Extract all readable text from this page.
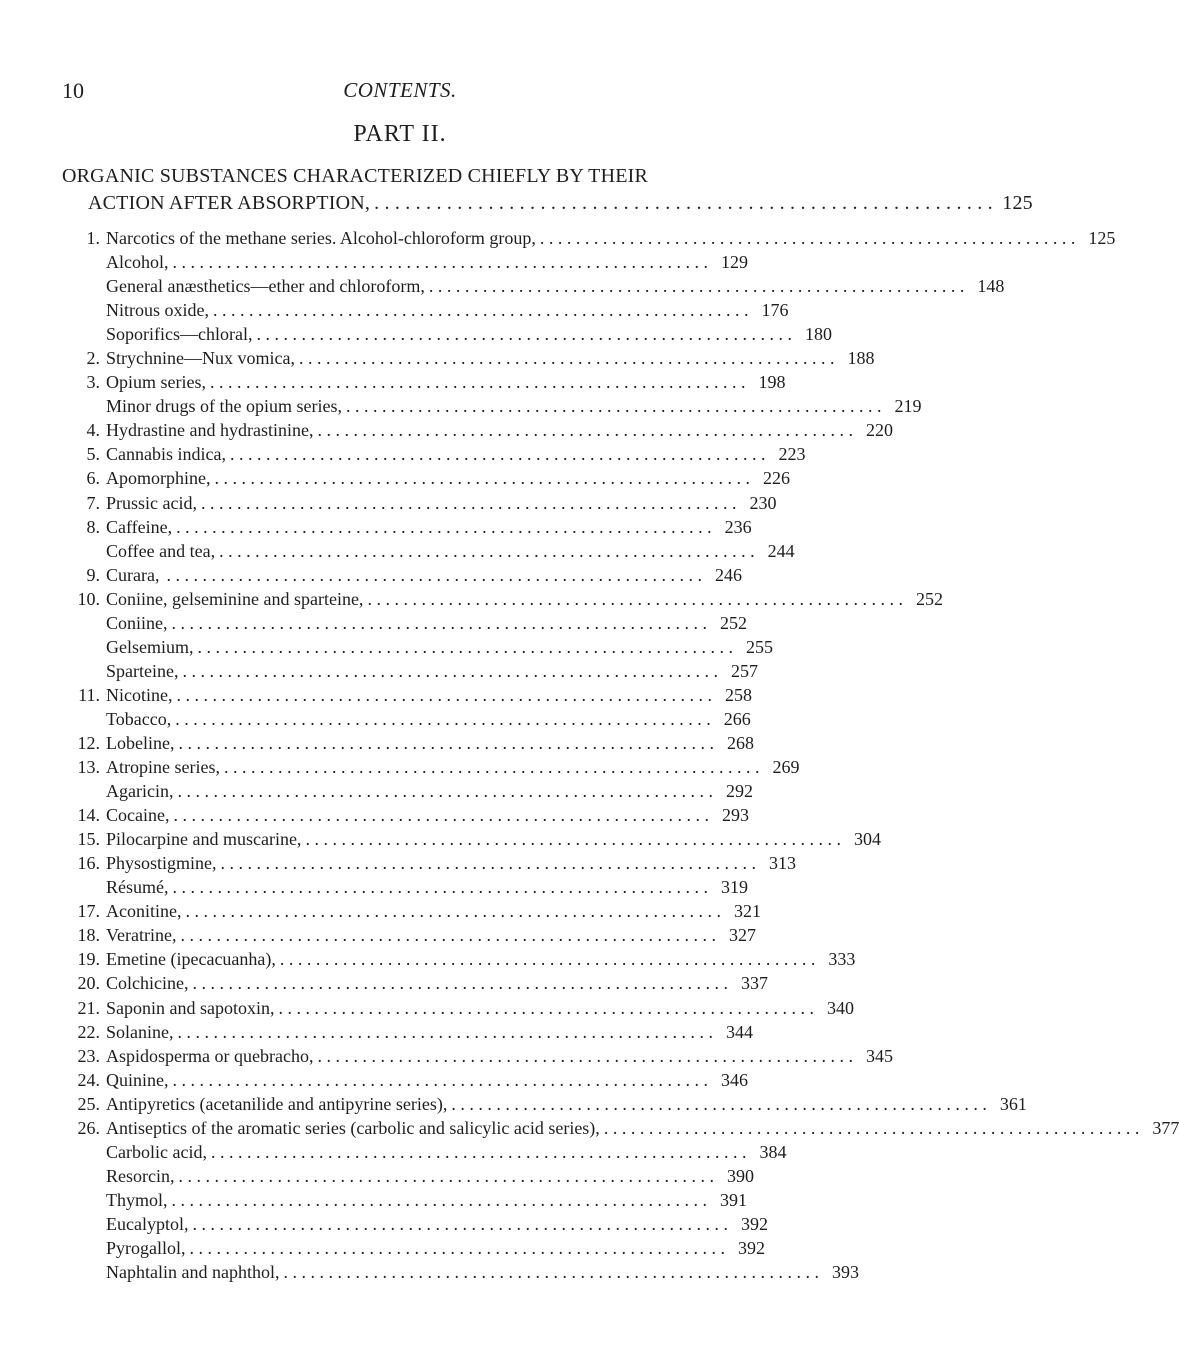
10	CONTENTS.
PART II.
ORGANIC SUBSTANCES CHARACTERIZED CHIEFLY BY THEIR
ACTION AFTER ABSORPTION, . . . . . . . . . . . . . . . . . . . . . . . . . . . . . . . . . . . . . . . . . . . . . . . . . . . . . . . . . . . . 125
1. Narcotics of the methane series. Alcohol-chloroform group, . . . . . . . . . . . . . . . . . . . . . . . . . . . . . . . . . . . . . . . . . . . . . . . . . . . . . . . . . . . . 125
Alcohol, . . . . . . . . . . . . . . . . . . . . . . . . . . . . . . . . . . . . . . . . . . . . . . . . . . . . . . . . . . . . 129
General anæsthetics—ether and chloroform, . . . . . . . . . . . . . . . . . . . . . . . . . . . . . . . . . . . . . . . . . . . . . . . . . . . . . . . . . . . . 148
Nitrous oxide, . . . . . . . . . . . . . . . . . . . . . . . . . . . . . . . . . . . . . . . . . . . . . . . . . . . . . . . . . . . . 176
Soporifics—chloral, . . . . . . . . . . . . . . . . . . . . . . . . . . . . . . . . . . . . . . . . . . . . . . . . . . . . . . . . . . . . 180
2. Strychnine—Nux vomica, . . . . . . . . . . . . . . . . . . . . . . . . . . . . . . . . . . . . . . . . . . . . . . . . . . . . . . . . . . . . 188
3. Opium series, . . . . . . . . . . . . . . . . . . . . . . . . . . . . . . . . . . . . . . . . . . . . . . . . . . . . . . . . . . . . 198
Minor drugs of the opium series, . . . . . . . . . . . . . . . . . . . . . . . . . . . . . . . . . . . . . . . . . . . . . . . . . . . . . . . . . . . . 219
4. Hydrastine and hydrastinine, . . . . . . . . . . . . . . . . . . . . . . . . . . . . . . . . . . . . . . . . . . . . . . . . . . . . . . . . . . . . 220
5. Cannabis indica, . . . . . . . . . . . . . . . . . . . . . . . . . . . . . . . . . . . . . . . . . . . . . . . . . . . . . . . . . . . . 223
6. Apomorphine, . . . . . . . . . . . . . . . . . . . . . . . . . . . . . . . . . . . . . . . . . . . . . . . . . . . . . . . . . . . . 226
7. Prussic acid, . . . . . . . . . . . . . . . . . . . . . . . . . . . . . . . . . . . . . . . . . . . . . . . . . . . . . . . . . . . . 230
8. Caffeine, . . . . . . . . . . . . . . . . . . . . . . . . . . . . . . . . . . . . . . . . . . . . . . . . . . . . . . . . . . . . 236
Coffee and tea, . . . . . . . . . . . . . . . . . . . . . . . . . . . . . . . . . . . . . . . . . . . . . . . . . . . . . . . . . . . . 244
9. Curara, . . . . . . . . . . . . . . . . . . . . . . . . . . . . . . . . . . . . . . . . . . . . . . . . . . . . . . . . . . . . 246
10. Coniine, gelseminine and sparteine, . . . . . . . . . . . . . . . . . . . . . . . . . . . . . . . . . . . . . . . . . . . . . . . . . . . . . . . . . . . . 252
Coniine, . . . . . . . . . . . . . . . . . . . . . . . . . . . . . . . . . . . . . . . . . . . . . . . . . . . . . . . . . . . . 252
Gelsemium, . . . . . . . . . . . . . . . . . . . . . . . . . . . . . . . . . . . . . . . . . . . . . . . . . . . . . . . . . . . . 255
Sparteine, . . . . . . . . . . . . . . . . . . . . . . . . . . . . . . . . . . . . . . . . . . . . . . . . . . . . . . . . . . . . 257
11. Nicotine, . . . . . . . . . . . . . . . . . . . . . . . . . . . . . . . . . . . . . . . . . . . . . . . . . . . . . . . . . . . . 258
Tobacco, . . . . . . . . . . . . . . . . . . . . . . . . . . . . . . . . . . . . . . . . . . . . . . . . . . . . . . . . . . . . 266
12. Lobeline, . . . . . . . . . . . . . . . . . . . . . . . . . . . . . . . . . . . . . . . . . . . . . . . . . . . . . . . . . . . . 268
13. Atropine series, . . . . . . . . . . . . . . . . . . . . . . . . . . . . . . . . . . . . . . . . . . . . . . . . . . . . . . . . . . . . 269
Agaricin, . . . . . . . . . . . . . . . . . . . . . . . . . . . . . . . . . . . . . . . . . . . . . . . . . . . . . . . . . . . . 292
14. Cocaine, . . . . . . . . . . . . . . . . . . . . . . . . . . . . . . . . . . . . . . . . . . . . . . . . . . . . . . . . . . . . 293
15. Pilocarpine and muscarine, . . . . . . . . . . . . . . . . . . . . . . . . . . . . . . . . . . . . . . . . . . . . . . . . . . . . . . . . . . . . 304
16. Physostigmine, . . . . . . . . . . . . . . . . . . . . . . . . . . . . . . . . . . . . . . . . . . . . . . . . . . . . . . . . . . . . 313
Résumé, . . . . . . . . . . . . . . . . . . . . . . . . . . . . . . . . . . . . . . . . . . . . . . . . . . . . . . . . . . . . 319
17. Aconitine, . . . . . . . . . . . . . . . . . . . . . . . . . . . . . . . . . . . . . . . . . . . . . . . . . . . . . . . . . . . . 321
18. Veratrine, . . . . . . . . . . . . . . . . . . . . . . . . . . . . . . . . . . . . . . . . . . . . . . . . . . . . . . . . . . . . 327
19. Emetine (ipecacuanha), . . . . . . . . . . . . . . . . . . . . . . . . . . . . . . . . . . . . . . . . . . . . . . . . . . . . . . . . . . . . 333
20. Colchicine, . . . . . . . . . . . . . . . . . . . . . . . . . . . . . . . . . . . . . . . . . . . . . . . . . . . . . . . . . . . . 337
21. Saponin and sapotoxin, . . . . . . . . . . . . . . . . . . . . . . . . . . . . . . . . . . . . . . . . . . . . . . . . . . . . . . . . . . . . 340
22. Solanine, . . . . . . . . . . . . . . . . . . . . . . . . . . . . . . . . . . . . . . . . . . . . . . . . . . . . . . . . . . . . 344
23. Aspidosperma or quebracho, . . . . . . . . . . . . . . . . . . . . . . . . . . . . . . . . . . . . . . . . . . . . . . . . . . . . . . . . . . . . 345
24. Quinine, . . . . . . . . . . . . . . . . . . . . . . . . . . . . . . . . . . . . . . . . . . . . . . . . . . . . . . . . . . . . 346
25. Antipyretics (acetanilide and antipyrine series), . . . . . . . . . . . . . . . . . . . . . . . . . . . . . . . . . . . . . . . . . . . . . . . . . . . . . . . . . . . . 361
26. Antiseptics of the aromatic series (carbolic and salicylic acid series), . . . . . . . . . . . . . . . . . . . . . . . . . . . . . . . . . . . . . . . . . . . . . . . . . . . . . . . . . . . . 377
Carbolic acid, . . . . . . . . . . . . . . . . . . . . . . . . . . . . . . . . . . . . . . . . . . . . . . . . . . . . . . . . . . . . 384
Resorcin, . . . . . . . . . . . . . . . . . . . . . . . . . . . . . . . . . . . . . . . . . . . . . . . . . . . . . . . . . . . . 390
Thymol, . . . . . . . . . . . . . . . . . . . . . . . . . . . . . . . . . . . . . . . . . . . . . . . . . . . . . . . . . . . . 391
Eucalyptol, . . . . . . . . . . . . . . . . . . . . . . . . . . . . . . . . . . . . . . . . . . . . . . . . . . . . . . . . . . . . 392
Pyrogallol, . . . . . . . . . . . . . . . . . . . . . . . . . . . . . . . . . . . . . . . . . . . . . . . . . . . . . . . . . . . . 392
Naphtalin and naphthol, . . . . . . . . . . . . . . . . . . . . . . . . . . . . . . . . . . . . . . . . . . . . . . . . . . . . . . . . . . . . 393
